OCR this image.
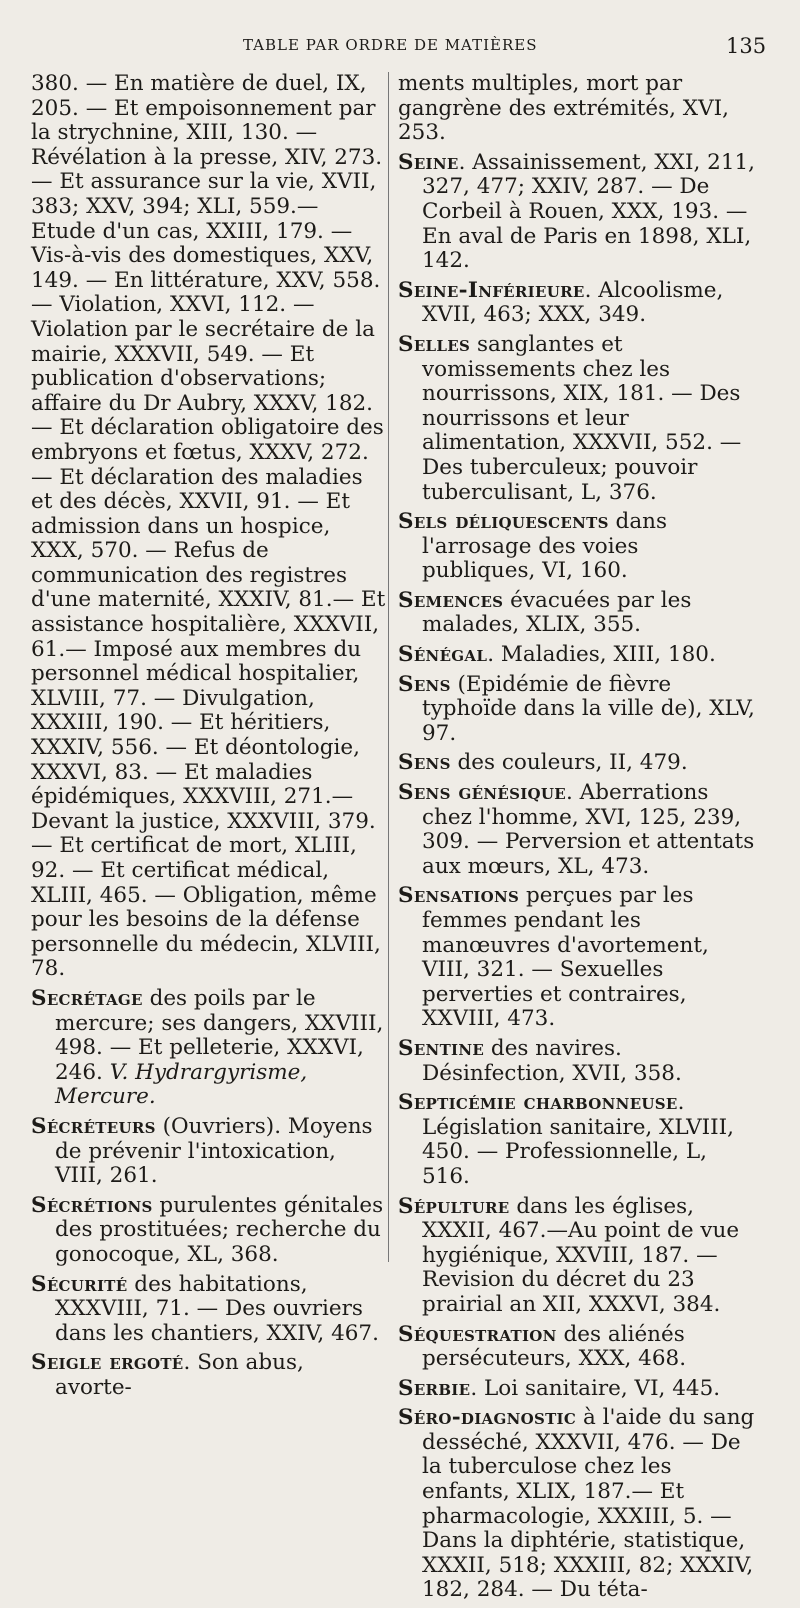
TABLE PAR ORDRE DE MATIÈRES	135

380. — En matière de duel, IX, 205. — Et empoisonnement par la strychnine, XIII, 130. — Révélation à la presse, XIV, 273. — Et assurance sur la vie, XVII, 383; XXV, 394; XLI, 559.— Etude d'un cas, XXIII, 179. — Vis-à-vis des domestiques, XXV, 149. — En littérature, XXV, 558. — Violation, XXVI, 112. — Violation par le secrétaire de la mairie, XXXVII, 549. — Et publication d'observations; affaire du Dr Aubry, XXXV, 182.— Et déclaration obligatoire des embryons et fœtus, XXXV, 272. — Et déclaration des maladies et des décès, XXVII, 91. — Et admission dans un hospice, XXX, 570. — Refus de communication des registres d'une maternité, XXXIV, 81.— Et assistance hospitalière, XXXVII, 61.— Imposé aux membres du personnel médical hospitalier, XLVIII, 77. — Divulgation, XXXIII, 190. — Et héritiers, XXXIV, 556. — Et déontologie, XXXVI, 83. — Et maladies épidémiques, XXXVIII, 271.— Devant la justice, XXXVIII, 379. — Et certificat de mort, XLIII, 92. — Et certificat médical, XLIII, 465. — Obligation, même pour les besoins de la défense personnelle du médecin, XLVIII, 78.

Secrétage des poils par le mercure; ses dangers, XXVIII, 498. — Et pelleterie, XXXVI, 246. V. Hydrargyrisme, Mercure.

Sécréteurs (Ouvriers). Moyens de prévenir l'intoxication, VIII, 261.

Sécrétions purulentes génitales des prostituées; recherche du gonocoque, XL, 368.

Sécurité des habitations, XXXVIII, 71. — Des ouvriers dans les chantiers, XXIV, 467.

Seigle ergoté. Son abus, avorte-

ments multiples, mort par gangrène des extrémités, XVI, 253.

Seine. Assainissement, XXI, 211, 327, 477; XXIV, 287. — De Corbeil à Rouen, XXX, 193. — En aval de Paris en 1898, XLI, 142.

Seine-Inférieure. Alcoolisme, XVII, 463; XXX, 349.

Selles sanglantes et vomissements chez les nourrissons, XIX, 181. — Des nourrissons et leur alimentation, XXXVII, 552. — Des tuberculeux; pouvoir tuberculisant, L, 376.

Sels déliquescents dans l'arrosage des voies publiques, VI, 160.

Semences évacuées par les malades, XLIX, 355.

Sénégal. Maladies, XIII, 180.

Sens (Epidémie de fièvre typhoïde dans la ville de), XLV, 97.

Sens des couleurs, II, 479.

Sens génésique. Aberrations chez l'homme, XVI, 125, 239, 309. — Perversion et attentats aux mœurs, XL, 473.

Sensations perçues par les femmes pendant les manœuvres d'avortement, VIII, 321. — Sexuelles perverties et contraires, XXVIII, 473.

Sentine des navires. Désinfection, XVII, 358.

Septicémie charbonneuse. Législation sanitaire, XLVIII, 450. — Professionnelle, L, 516.

Sépulture dans les églises, XXXII, 467.—Au point de vue hygiénique, XXVIII, 187. — Revision du décret du 23 prairial an XII, XXXVI, 384.

Séquestration des aliénés persécuteurs, XXX, 468.

Serbie. Loi sanitaire, VI, 445.

Séro-diagnostic à l'aide du sang desséché, XXXVII, 476. — De la tuberculose chez les enfants, XLIX, 187.— Et pharmacologie, XXXIII, 5. — Dans la diphtérie, statistique, XXXII, 518; XXXIII, 82; XXXIV, 182, 284. — Du téta-
